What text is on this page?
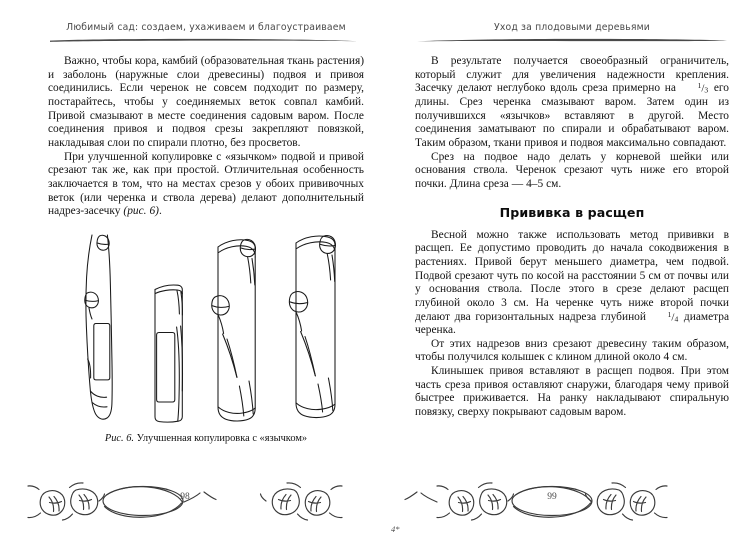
Любимый сад: создаем, ухаживаем и благоустраиваем

Важно, чтобы кора, камбий (образовательная ткань растения) и заболонь (наружные слои древесины) подвоя и привоя соединились. Если черенок не совсем подходит по размеру, постарайтесь, чтобы у соединяемых веток совпал камбий. Привой смазывают в месте соединения садовым варом. После соединения привоя и подвоя срезы закрепляют повязкой, накладывая слои по спирали плотно, без просветов.

При улучшенной копулировке с «язычком» подвой и привой срезают так же, как при простой. Отличительная особенность заключается в том, что на местах срезов у обоих прививочных веток (или черенка и ствола дерева) делают дополнительный надрез-засечку (рис. 6).

Рис. 6. Улучшенная копулировка с «язычком»
98
Уход за плодовыми деревьями

В результате получается своеобразный ограничитель, который служит для увеличения надежности крепления. Засечку делают неглубоко вдоль среза примерно на $^1$/3 его длины. Срез черенка смазывают варом. Затем один из получившихся «язычков» вставляют в другой. Место соединения заматывают по спирали и обрабатывают варом. Таким образом, ткани привоя и подвоя максимально совпадают.

Срез на подвое надо делать у корневой шейки или основания ствола. Черенок срезают чуть ниже его второй почки. Длина среза — 4–5 см.

Прививка в расщеп

Весной можно также использовать метод прививки в расщеп. Ее допустимо проводить до начала сокодвижения в растениях. Привой берут меньшего диаметра, чем подвой. Подвой срезают чуть по косой на расстоянии 5 см от почвы или у основания ствола. После этого в срезе делают расщеп глубиной около 3 см. На черенке чуть ниже второй почки делают два горизонтальных надреза глубиной $^1$/4 диаметра черенка.

От этих надрезов вниз срезают древесину таким образом, чтобы получился колышек с клином длиной около 4 см.

Клинышек привоя вставляют в расщеп подвоя. При этом часть среза привоя оставляют снаружи, благодаря чему привой быстрее приживается. На ранку накладывают спиральную повязку, сверху покрывают садовым варом.

99
4*
